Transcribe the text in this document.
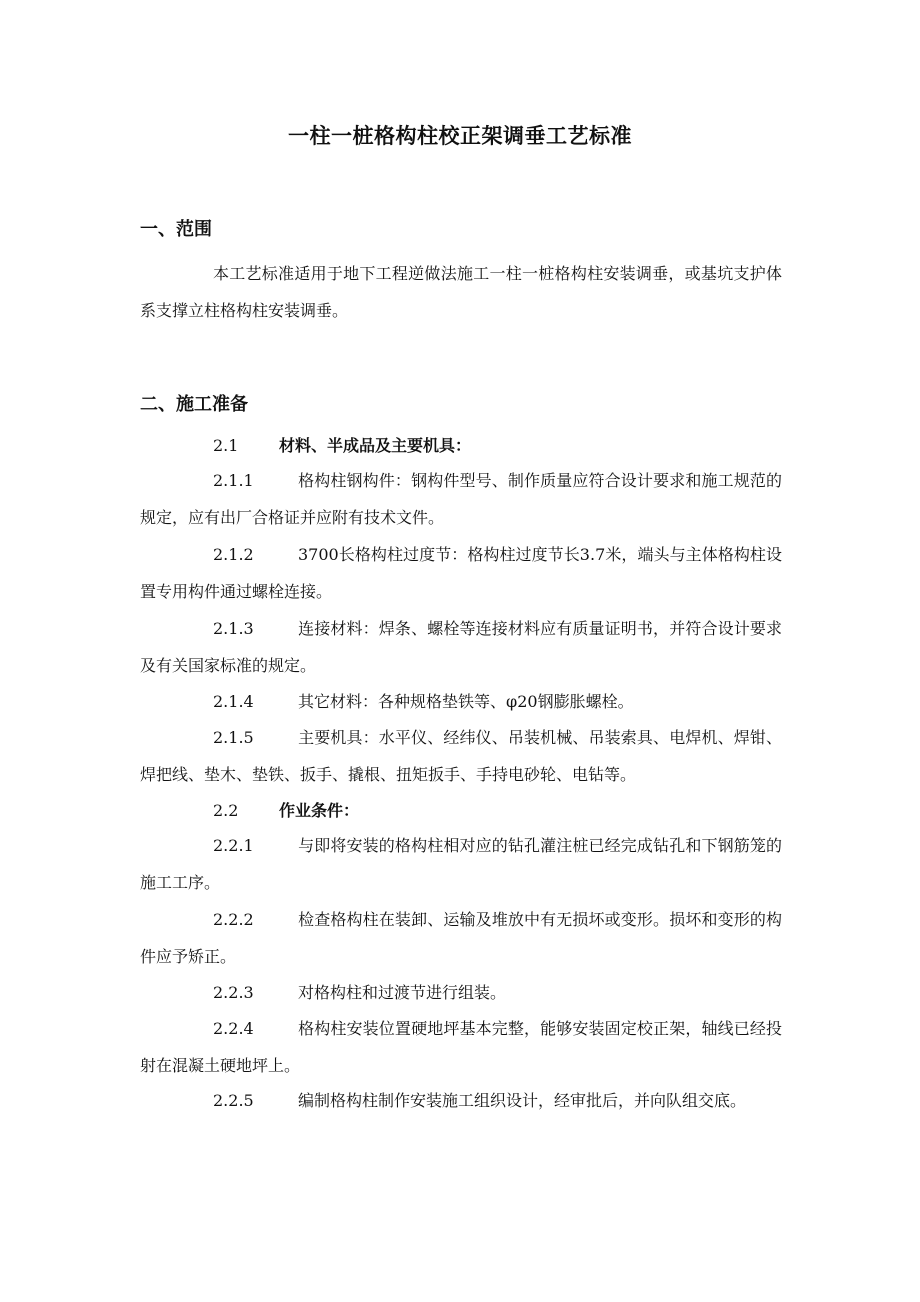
一柱一桩格构柱校正架调垂工艺标准
一、范围

本工艺标准适用于地下工程逆做法施工一柱一桩格构柱安装调垂，或基坑支护体系支撑立柱格构柱安装调垂。

二、施工准备
2.1	材料、半成品及主要机具：

2.1.1	格构柱钢构件：钢构件型号、制作质量应符合设计要求和施工规范的规定，应有出厂合格证并应附有技术文件。

2.1.2	3700长格构柱过度节：格构柱过度节长3.7米，端头与主体格构柱设置专用构件通过螺栓连接。

2.1.3	连接材料：焊条、螺栓等连接材料应有质量证明书，并符合设计要求及有关国家标准的规定。

2.1.4	其它材料：各种规格垫铁等、φ20钢膨胀螺栓。

2.1.5	主要机具：水平仪、经纬仪、吊装机械、吊装索具、电焊机、焊钳、焊把线、垫木、垫铁、扳手、撬根、扭矩扳手、手持电砂轮、电钻等。

2.2	作业条件：

2.2.1	与即将安装的格构柱相对应的钻孔灌注桩已经完成钻孔和下钢筋笼的施工工序。

2.2.2	检查格构柱在装卸、运输及堆放中有无损坏或变形。损坏和变形的构件应予矫正。

2.2.3	对格构柱和过渡节进行组装。

2.2.4	格构柱安装位置硬地坪基本完整，能够安装固定校正架，轴线已经投射在混凝土硬地坪上。

2.2.5	编制格构柱制作安装施工组织设计，经审批后，并向队组交底。
